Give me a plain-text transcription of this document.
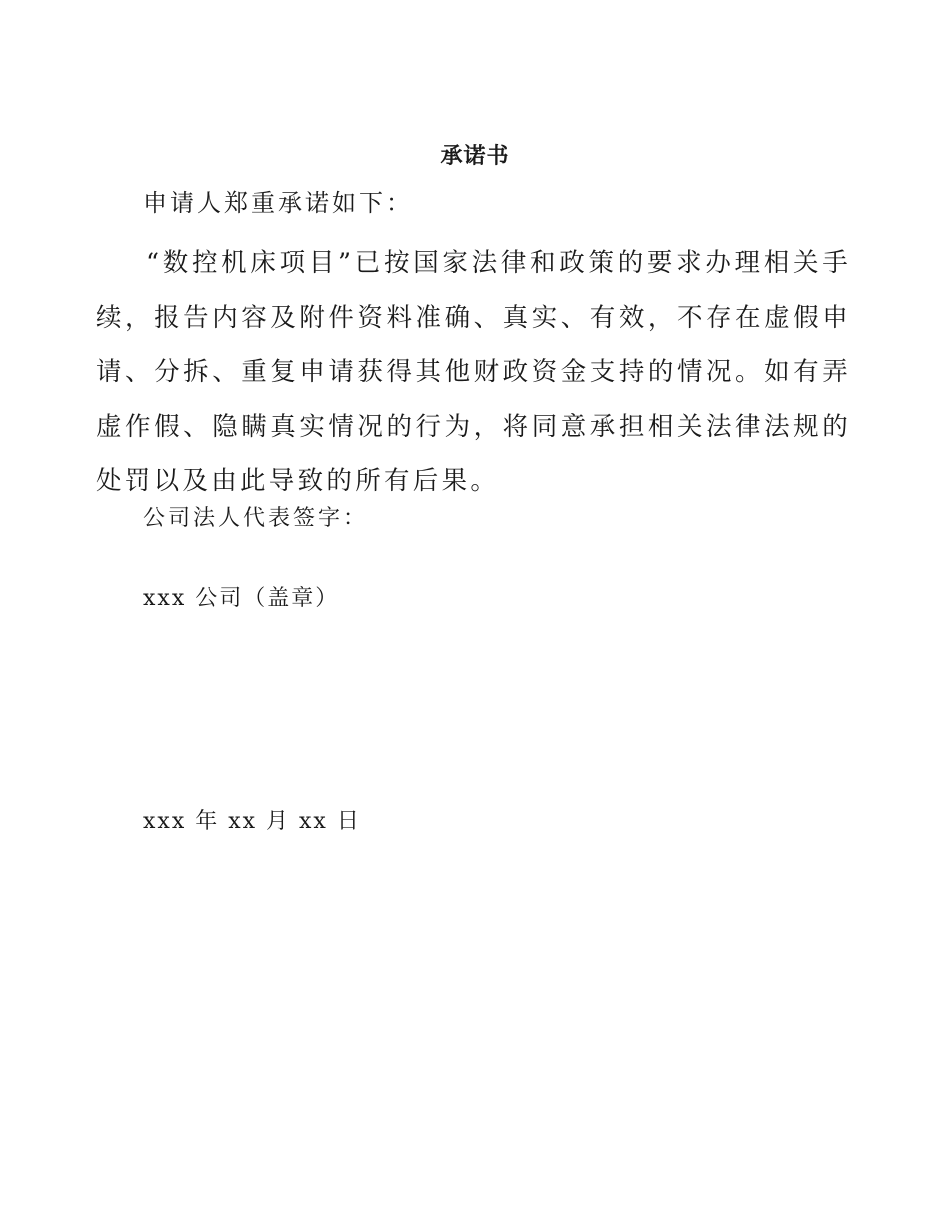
承诺书
申请人郑重承诺如下：

“数控机床项目”已按国家法律和政策的要求办理相关手续，报告内容及附件资料准确、真实、有效，不存在虚假申请、分拆、重复申请获得其他财政资金支持的情况。如有弄虚作假、隐瞒真实情况的行为，将同意承担相关法律法规的处罚以及由此导致的所有后果。

公司法人代表签字：
xxx 公司（盖章）
xxx 年 xx 月 xx 日
